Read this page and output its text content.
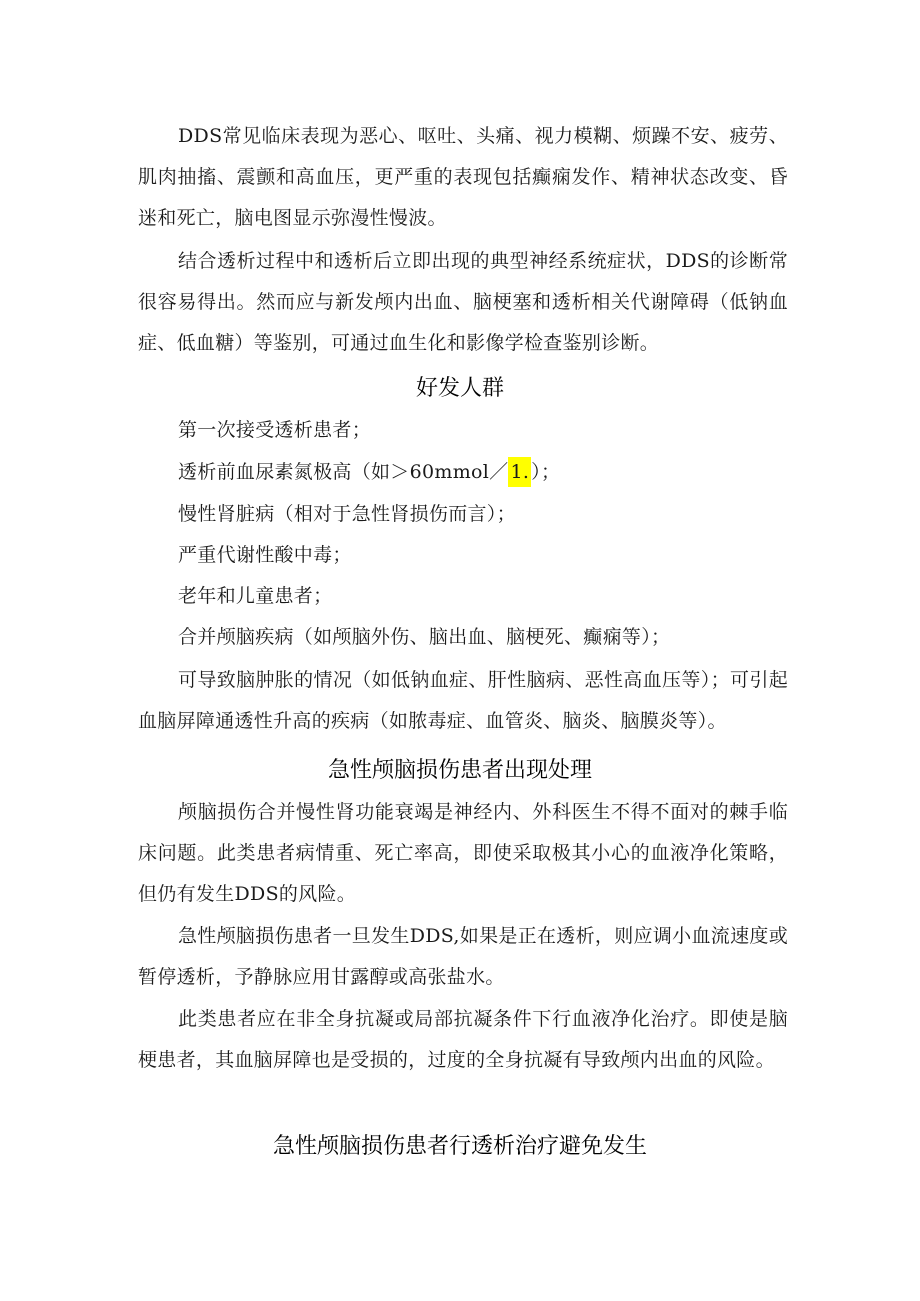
DDS常见临床表现为恶心、呕吐、头痛、视力模糊、烦躁不安、疲劳、肌肉抽搐、震颤和高血压，更严重的表现包括癫痫发作、精神状态改变、昏迷和死亡，脑电图显示弥漫性慢波。

结合透析过程中和透析后立即出现的典型神经系统症状，DDS的诊断常很容易得出。然而应与新发颅内出血、脑梗塞和透析相关代谢障碍（低钠血症、低血糖）等鉴别，可通过血生化和影像学检查鉴别诊断。

好发人群
第一次接受透析患者；
透析前血尿素氮极高（如＞60mmol／ 1. ）；
慢性肾脏病（相对于急性肾损伤而言）；
严重代谢性酸中毒；
老年和儿童患者；
合并颅脑疾病（如颅脑外伤、脑出血、脑梗死、癫痫等）；

可导致脑肿胀的情况（如低钠血症、肝性脑病、恶性高血压等）；可引起血脑屏障通透性升高的疾病（如脓毒症、血管炎、脑炎、脑膜炎等）。

急性颅脑损伤患者出现处理

颅脑损伤合并慢性肾功能衰竭是神经内、外科医生不得不面对的棘手临床问题。此类患者病情重、死亡率高，即使采取极其小心的血液净化策略，但仍有发生DDS的风险。

急性颅脑损伤患者一旦发生DDS,如果是正在透析，则应调小血流速度或暂停透析，予静脉应用甘露醇或高张盐水。

此类患者应在非全身抗凝或局部抗凝条件下行血液净化治疗。即使是脑梗患者，其血脑屏障也是受损的，过度的全身抗凝有导致颅内出血的风险。

急性颅脑损伤患者行透析治疗避免发生
